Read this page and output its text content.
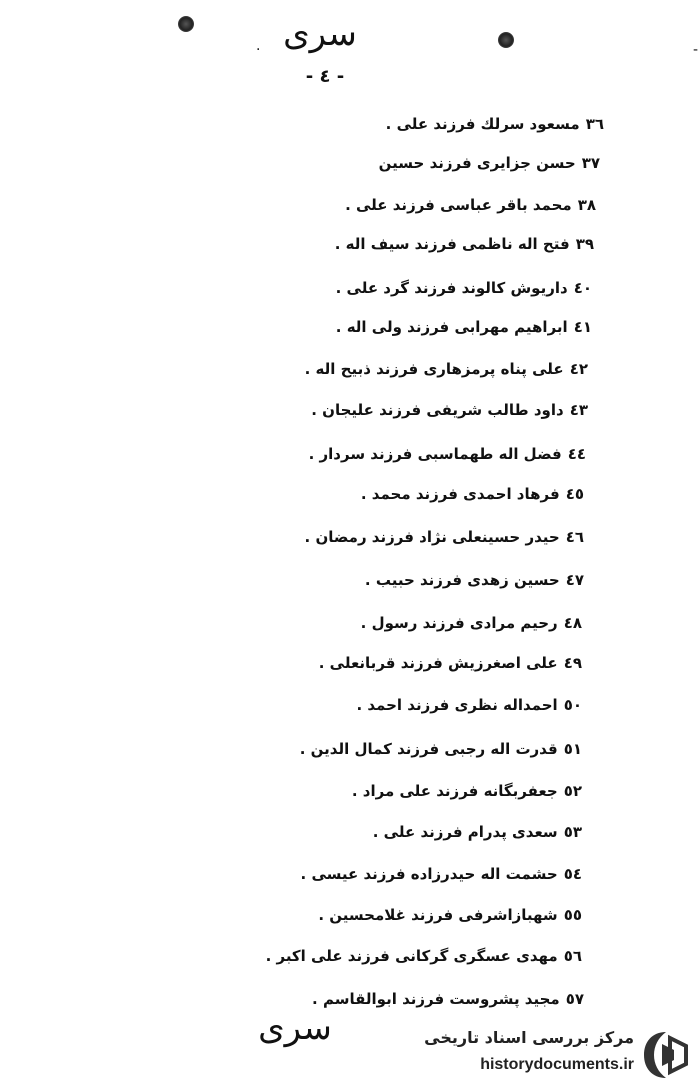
.	-
سری
- ٤ -
٣٦مسعود سرلك فرزند علی .
٣٧حسن جزایری فرزند حسین
٣٨محمد باقر عباسی فرزند علی .
٣٩فتح اله ناظمی فرزند سیف اله .
٤٠داریوش کالوند فرزند گرد علی .
٤١ابراهیم مهرابی فرزند ولی اله .
٤٢علی پناه پرمزهاری فرزند ذبیح اله .
٤٣داود طالب شریفی فرزند علیجان .
٤٤فضل اله طهماسبی فرزند سردار .
٤٥فرهاد احمدی فرزند محمد .
٤٦حیدر حسینعلی نژاد فرزند رمضان .
٤٧حسین زهدی فرزند حبیب .
٤٨رحیم مرادی فرزند رسول .
٤٩علی اصغرزیش فرزند قربانعلی .
٥٠احمداله نظری فرزند احمد .
٥١قدرت اله رجبی فرزند کمال الدین .
٥٢جعفربگانه فرزند علی مراد .
٥٣سعدی پدرام فرزند علی .
٥٤حشمت اله حیدرزاده فرزند عیسی .
٥٥شهبازاشرفی فرزند غلامحسین .
٥٦مهدی عسگری گرکانی فرزند علی اکبر .
٥٧مجید پشروست فرزند ابوالقاسم .
سری	مرکز بررسی اسناد تاریخی
historydocuments.ir
